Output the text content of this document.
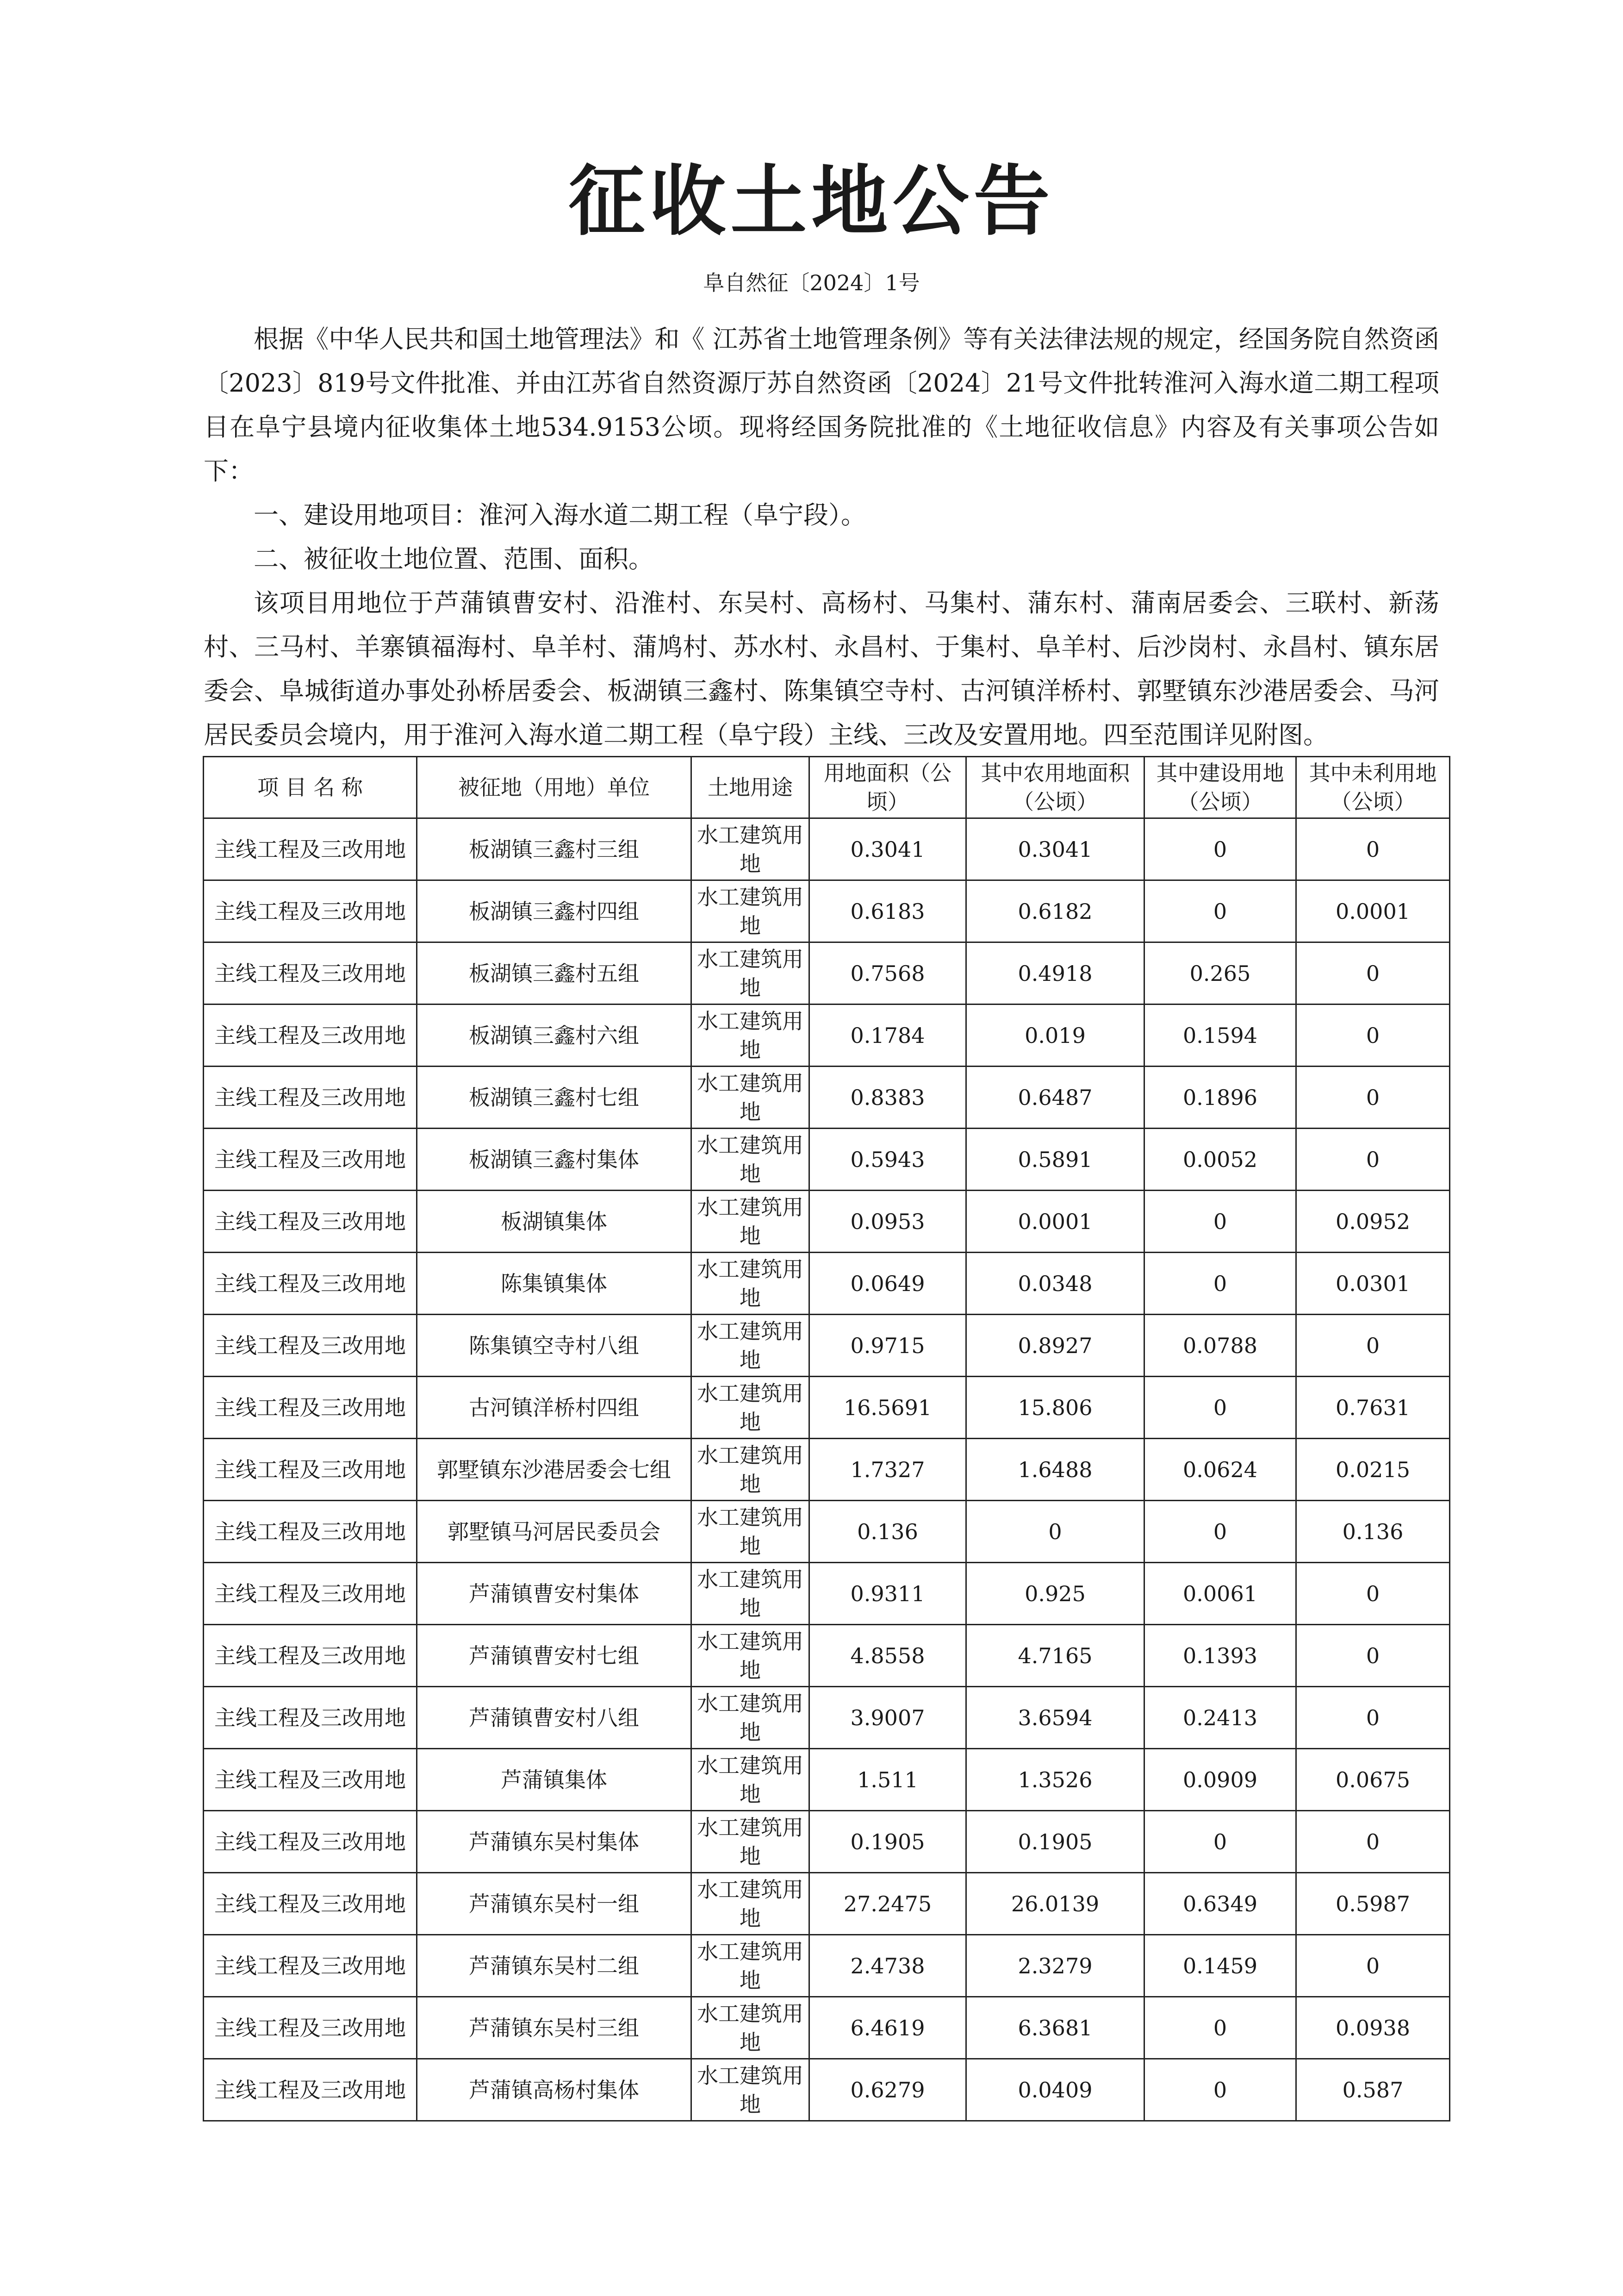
征收土地公告
阜自然征〔2024〕1号

根据《中华人民共和国土地管理法》和《 江苏省土地管理条例》等有关法律法规的规定，经国务院自然资函〔2023〕819号文件批准、并由江苏省自然资源厅苏自然资函〔2024〕21号文件批转淮河入海水道二期工程项目在阜宁县境内征收集体土地534.9153公顷。现将经国务院批准的《土地征收信息》内容及有关事项公告如下：

一、建设用地项目：淮河入海水道二期工程（阜宁段）。

二、被征收土地位置、范围、面积。

该项目用地位于芦蒲镇曹安村、沿淮村、东吴村、高杨村、马集村、蒲东村、蒲南居委会、三联村、新荡村、三马村、羊寨镇福海村、阜羊村、蒲鸠村、苏水村、永昌村、于集村、阜羊村、后沙岗村、永昌村、镇东居委会、阜城街道办事处孙桥居委会、板湖镇三鑫村、陈集镇空寺村、古河镇洋桥村、郭墅镇东沙港居委会、马河居民委员会境内，用于淮河入海水道二期工程（阜宁段）主线、三改及安置用地。四至范围详见附图。

项 目 名 称	被征地（用地）单位	土地用途	用地面积（公顷）	其中农用地面积（公顷）	其中建设用地（公顷）	其中未利用地（公顷）
主线工程及三改用地	板湖镇三鑫村三组	水工建筑用地	0.3041	0.3041	0	0
主线工程及三改用地	板湖镇三鑫村四组	水工建筑用地	0.6183	0.6182	0	0.0001
主线工程及三改用地	板湖镇三鑫村五组	水工建筑用地	0.7568	0.4918	0.265	0
主线工程及三改用地	板湖镇三鑫村六组	水工建筑用地	0.1784	0.019	0.1594	0
主线工程及三改用地	板湖镇三鑫村七组	水工建筑用地	0.8383	0.6487	0.1896	0
主线工程及三改用地	板湖镇三鑫村集体	水工建筑用地	0.5943	0.5891	0.0052	0
主线工程及三改用地	板湖镇集体	水工建筑用地	0.0953	0.0001	0	0.0952
主线工程及三改用地	陈集镇集体	水工建筑用地	0.0649	0.0348	0	0.0301
主线工程及三改用地	陈集镇空寺村八组	水工建筑用地	0.9715	0.8927	0.0788	0
主线工程及三改用地	古河镇洋桥村四组	水工建筑用地	16.5691	15.806	0	0.7631
主线工程及三改用地	郭墅镇东沙港居委会七组	水工建筑用地	1.7327	1.6488	0.0624	0.0215
主线工程及三改用地	郭墅镇马河居民委员会	水工建筑用地	0.136	0	0	0.136
主线工程及三改用地	芦蒲镇曹安村集体	水工建筑用地	0.9311	0.925	0.0061	0
主线工程及三改用地	芦蒲镇曹安村七组	水工建筑用地	4.8558	4.7165	0.1393	0
主线工程及三改用地	芦蒲镇曹安村八组	水工建筑用地	3.9007	3.6594	0.2413	0
主线工程及三改用地	芦蒲镇集体	水工建筑用地	1.511	1.3526	0.0909	0.0675
主线工程及三改用地	芦蒲镇东吴村集体	水工建筑用地	0.1905	0.1905	0	0
主线工程及三改用地	芦蒲镇东吴村一组	水工建筑用地	27.2475	26.0139	0.6349	0.5987
主线工程及三改用地	芦蒲镇东吴村二组	水工建筑用地	2.4738	2.3279	0.1459	0
主线工程及三改用地	芦蒲镇东吴村三组	水工建筑用地	6.4619	6.3681	0	0.0938
主线工程及三改用地	芦蒲镇高杨村集体	水工建筑用地	0.6279	0.0409	0	0.587
